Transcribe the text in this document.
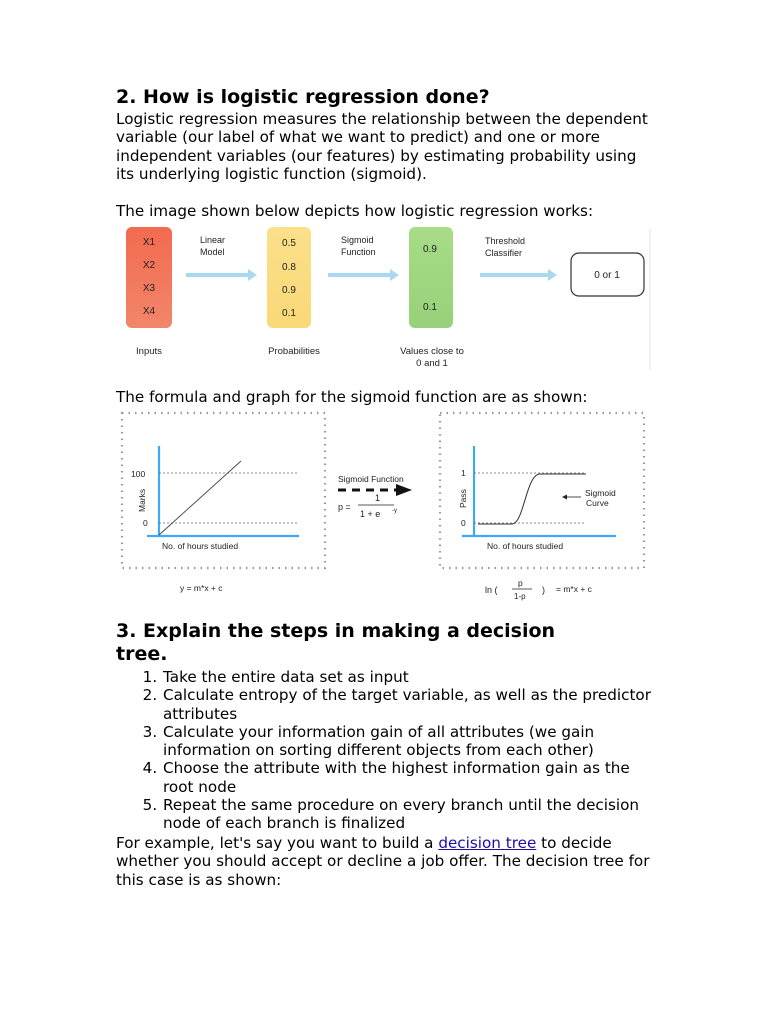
2. How is logistic regression done?

Logistic regression measures the relationship between the dependent variable (our label of what we want to predict) and one or more independent variables (our features) by estimating probability using its underlying logistic function (sigmoid).

The image shown below depicts how logistic regression works:

X1
X2
X3
X4
Inputs
Linear
Model
0.5
0.8
0.9
0.1
Probabilities
Sigmoid
Function	0.9
0.1
Values close to
0 and 1
Threshold
Classifier
0 or 1

The formula and graph for the sigmoid function are as shown:

100
0
Marks
No. of hours studied
y = m*x + c
Sigmoid Function
p =
1
1 + e -y
1
0
Pass
No. of hours studied
Sigmoid
Curve
ln (
p
1-p
) = m*x + c
3. Explain the steps in making a decision
tree.
1. Take the entire data set as input
2. Calculate entropy of the target variable, as well as the predictor attributes
3. Calculate your information gain of all attributes (we gain information on sorting different objects from each other)
4. Choose the attribute with the highest information gain as the root node
5. Repeat the same procedure on every branch until the decision node of each branch is finalized

For example, let's say you want to build a decision tree to decide whether you should accept or decline a job offer. The decision tree for this case is as shown:
